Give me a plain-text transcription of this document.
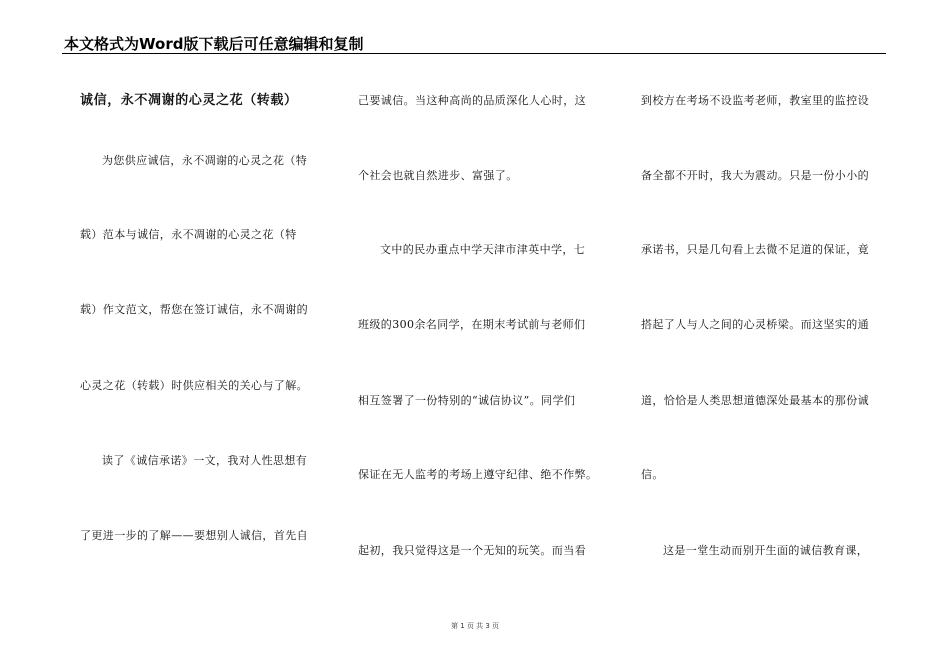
本文格式为Word版下载后可任意编辑和复制
诚信，永不凋谢的心灵之花（转载）
为您供应诚信，永不凋谢的心灵之花（特
载）范本与诚信，永不凋谢的心灵之花（特
载）作文范文，帮您在签订诚信，永不凋谢的
心灵之花（转载）时供应相关的关心与了解。
读了《诚信承诺》一文，我对人性思想有
了更进一步的了解——要想别人诚信，首先自
己要诚信。当这种高尚的品质深化人心时，这
个社会也就自然进步、富强了。
文中的民办重点中学天津市津英中学，七
班级的300余名同学，在期末考试前与老师们
相互签署了一份特别的“诚信协议”。同学们
保证在无人监考的考场上遵守纪律、绝不作弊。
起初，我只觉得这是一个无知的玩笑。而当看
到校方在考场不设监考老师，教室里的监控设
备全都不开时，我大为震动。只是一份小小的
承诺书，只是几句看上去微不足道的保证，竟
搭起了人与人之间的心灵桥梁。而这坚实的通
道，恰恰是人类思想道德深处最基本的那份诚
信。
这是一堂生动而别开生面的诚信教育课，
第 1 页 共 3 页
